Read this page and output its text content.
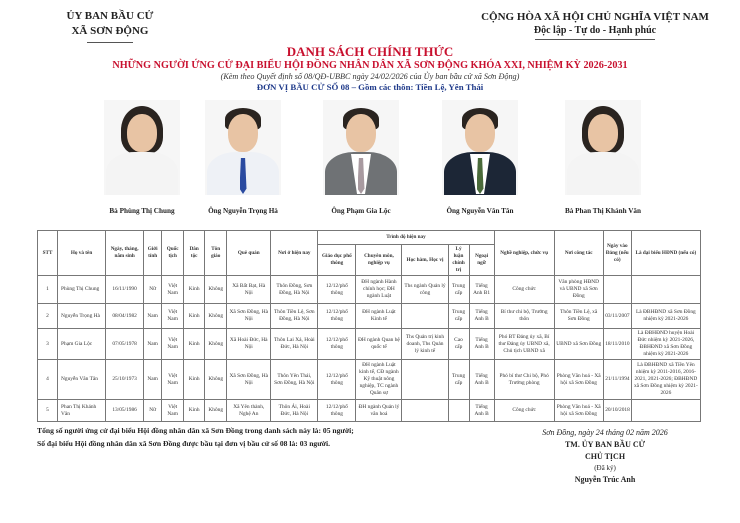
ỦY BAN BẦU CỬ
XÃ SƠN ĐỘNG
CỘNG HÒA XÃ HỘI CHỦ NGHĨA VIỆT NAM
Độc lập - Tự do - Hạnh phúc
DANH SÁCH CHÍNH THỨC
NHỮNG NGƯỜI ỨNG CỬ ĐẠI BIỂU HỘI ĐỒNG NHÂN DÂN XÃ SƠN ĐỘNG KHÓA XXI, NHIỆM KỲ 2026-2031
(Kèm theo Quyết định số 08/QĐ-UBBC ngày 24/02/2026 của Ủy ban bầu cử xã Sơn Động)
ĐƠN VỊ BẦU CỬ SỐ 08 – Gồm các thôn: Tiền Lệ, Yên Thái
Bà Phùng Thị Chung	Ông Nguyễn Trọng Hà	Ông Phạm Gia Lộc	Ông Nguyễn Văn Tân	Bà Phan Thị Khánh Vân
STT	Họ và tên	Ngày, tháng, năm sinh	Giới tính	Quốc tịch	Dân tộc	Tôn giáo	Quê quán	Nơi ở hiện nay	Trình độ hiện nay					Nghề nghiệp, chức vụ	Nơi công tác	Ngày vào Đảng (nếu có)	Là đại biểu HĐND (nếu có)
									Giáo dục phổ thông	Chuyên môn, nghiệp vụ	Học hàm, Học vị	Lý luận chính trị	Ngoại ngữ				
1	Phùng Thị Chung	16/11/1990	Nữ	Việt Nam	Kinh	Không	Xã Bất Bạt, Hà Nội	Thôn Đồng, Sơn Đồng, Hà Nội	12/12/phổ thông	ĐH ngành Hành chính học; ĐH ngành Luật	Ths ngành Quản lý công	Trung cấp	Tiếng Anh B1	Công chức	Văn phòng HĐND và UBND xã Sơn Đồng		
2	Nguyễn Trọng Hà	08/04/1982	Nam	Việt Nam	Kinh	Không	Xã Sơn Đồng, Hà Nội	Thôn Tiền Lệ, Sơn Đồng, Hà Nội	12/12/phổ thông	ĐH ngành Luật Kinh tế		Trung cấp	Tiếng Anh B	Bí thư chi bộ, Trưởng thôn	Thôn Tiền Lệ, xã Sơn Đồng	03/11/2007	Là ĐBHĐND xã Sơn Đồng nhiệm kỳ 2021-2026
3	Phạm Gia Lộc	07/05/1978	Nam	Việt Nam	Kinh	Không	Xã Hoài Đức, Hà Nội	Thôn Lai Xá, Hoài Đức, Hà Nội	12/12/phổ thông	ĐH ngành Quan hệ quốc tế	Ths Quản trị kinh doanh, Ths Quản lý kinh tế	Cao cấp	Tiếng Anh B	Phó BT Đảng ủy xã, Bí thư Đảng ủy UBND xã, Chủ tịch UBND xã	UBND xã Sơn Đồng	18/11/2010	Là ĐBHĐND huyện Hoài Đức nhiệm kỳ 2021-2026, ĐBHĐND xã Sơn Đồng nhiệm kỳ 2021-2026
4	Nguyễn Văn Tân	25/10/1973	Nam	Việt Nam	Kinh	Không	Xã Sơn Đồng, Hà Nội	Thôn Yên Thái, Sơn Đồng, Hà Nội	12/12/phổ thông	ĐH ngành Luật kinh tế, CĐ ngành Kỹ thuật nông nghiệp, TC ngành Quân sự		Trung cấp	Tiếng Anh B	Phó bí thư Chi bộ, Phó Trưởng phòng	Phòng Văn hoá - Xã hội xã Sơn Đồng	21/11/1994	Là ĐBHĐND xã Tiền Yên nhiệm kỳ 2011-2016, 2016-2021, 2021-2026; ĐBHĐND xã Sơn Đồng nhiệm kỳ 2021-2026
5	Phan Thị Khánh Vân	13/05/1986	Nữ	Việt Nam	Kinh	Không	Xã Yên thành, Nghệ An	Thôn Ái, Hoài Đức, Hà Nội	12/12/phổ thông	ĐH ngành Quản lý văn hoá			Tiếng Anh B	Công chức	Phòng Văn hoá - Xã hội xã Sơn Đồng	20/10/2018	
Tổng số người ứng cử đại biểu Hội đồng nhân dân xã Sơn Đồng trong danh sách này là: 05 người;
Số đại biểu Hội đồng nhân dân xã Sơn Đồng được bầu tại đơn vị bầu cử số 08 là: 03 người.
Sơn Đồng, ngày 24 tháng 02 năm 2026
TM. ỦY BAN BẦU CỬ
CHỦ TỊCH
(Đã ký)
Nguyễn Trúc Anh
